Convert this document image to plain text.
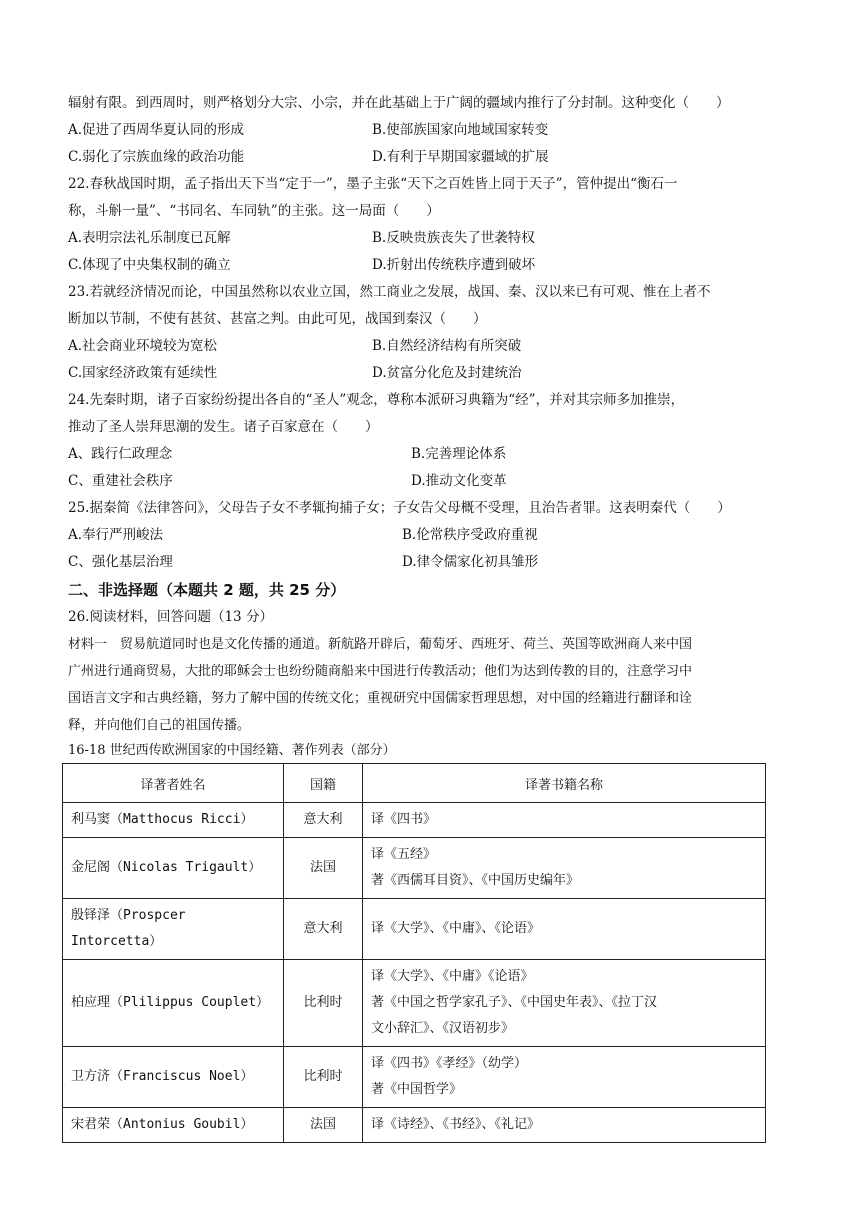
辐射有限。到西周时，则严格划分大宗、小宗，并在此基础上于广阔的疆域内推行了分封制。这种变化（　　）
A.促进了西周华夏认同的形成	B.使部族国家向地域国家转变
C.弱化了宗族血缘的政治功能	D.有利于早期国家疆域的扩展
22.春秋战国时期，孟子指出天下当“定于一”，墨子主张“天下之百姓皆上同于天子”，管仲提出“衡石一
称，斗斛一量”、“书同名、车同轨”的主张。这一局面（　　）
A.表明宗法礼乐制度已瓦解	B.反映贵族丧失了世袭特权
C.体现了中央集权制的确立	D.折射出传统秩序遭到破坏
23.若就经济情况而论，中国虽然称以农业立国，然工商业之发展，战国、秦、汉以来已有可观、惟在上者不
断加以节制，不使有甚贫、甚富之判。由此可见，战国到秦汉（　　）
A.社会商业环境较为宽松	B.自然经济结构有所突破
C.国家经济政策有延续性	D.贫富分化危及封建统治
24.先秦时期，诸子百家纷纷提出各自的“圣人”观念，尊称本派研习典籍为“经”，并对其宗师多加推崇，
推动了圣人崇拜思潮的发生。诸子百家意在（　　）
A、践行仁政理念	B.完善理论体系
C、重建社会秩序	D.推动文化变革
25.据秦简《法律答问》，父母告子女不孝辄拘捕子女；子女告父母概不受理，且治告者罪。这表明秦代（　　）
A.奉行严刑峻法	B.伦常秩序受政府重视
C、强化基层治理	D.律令儒家化初具雏形
二、非选择题（本题共 2 题，共 25 分）
26.阅读材料，回答问题（13 分）

材料一　贸易航道同时也是文化传播的通道。新航路开辟后，葡萄牙、西班牙、荷兰、英国等欧洲商人来中国

广州进行通商贸易，大批的耶稣会士也纷纷随商船来中国进行传教活动；他们为达到传教的目的，注意学习中

国语言文字和古典经籍，努力了解中国的传统文化；重视研究中国儒家哲理思想，对中国的经籍进行翻译和诠

释，并向他们自己的祖国传播。

16-18 世纪西传欧洲国家的中国经籍、著作列表（部分）
译著者姓名	国籍	译著书籍名称
利马窦（Matthocus Ricci）	意大利	译《四书》

金尼阁（Nicolas Trigault）	法国	译《五经》
著《西儒耳目资》、《中国历史编年》

殷铎泽（Prospcer Intorcetta）	意大利	译《大学》、《中庸》、《论语》

柏应理（Plilippus Couplet）	比利时	译《大学》、《中庸》《论语》
著《中国之哲学家孔子》、《中国史年表》、《拉丁汉
文小辞汇》、《汉语初步》

卫方济（Franciscus Noel）	比利时	译《四书》《孝经》（幼学）
著《中国哲学》

宋君荣（Antonius Goubil）	法国	译《诗经》、《书经》、《礼记》
